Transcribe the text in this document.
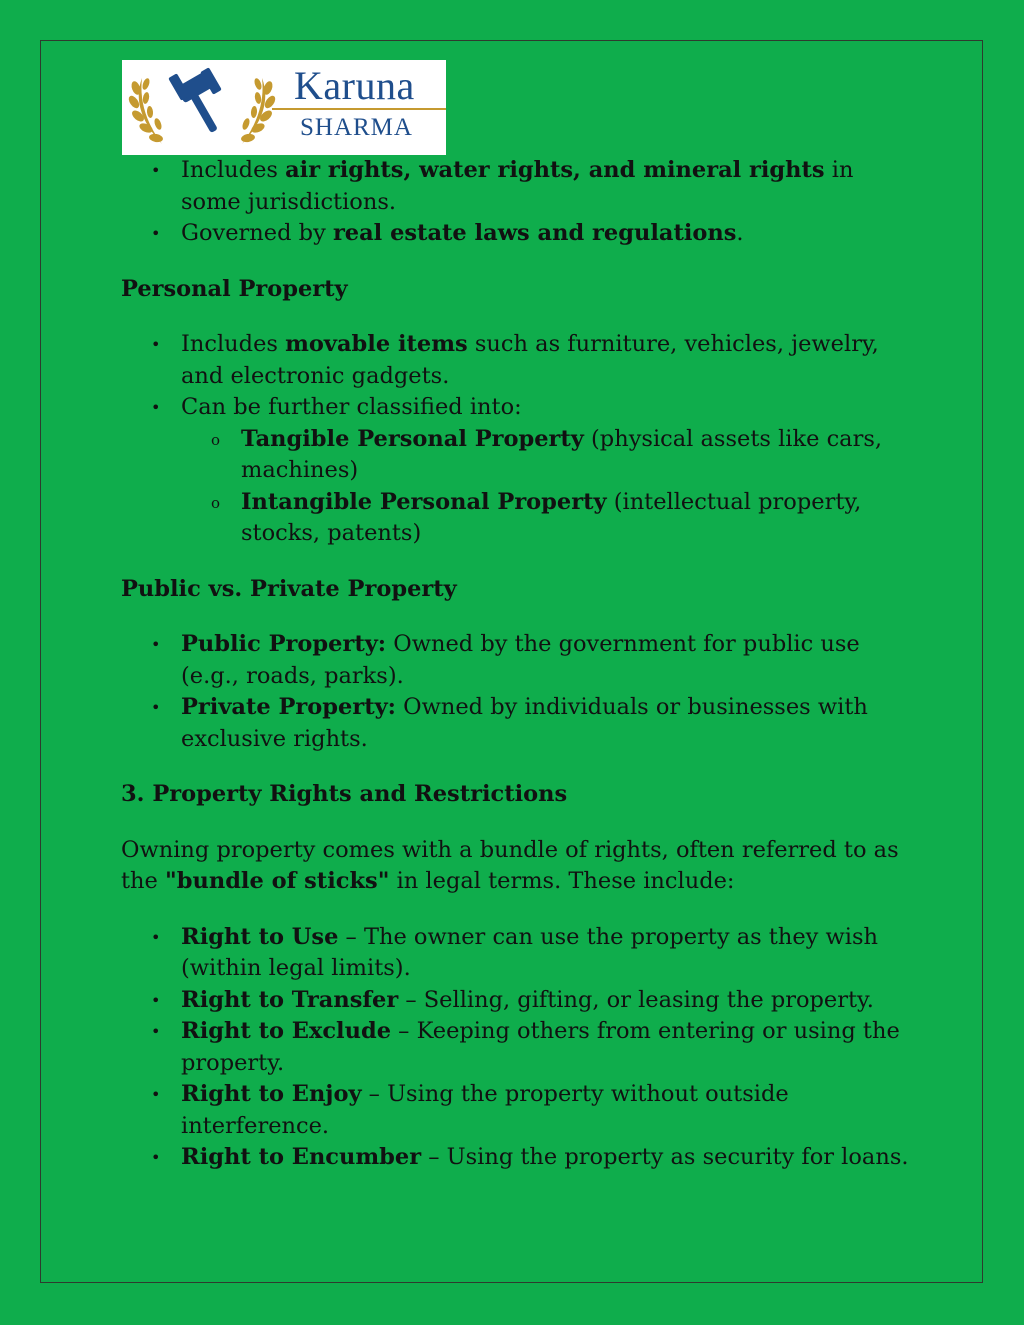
Karuna
SHARMA
• Includes air rights, water rights, and mineral rights in some jurisdictions.
• Governed by real estate laws and regulations.
Personal Property
• Includes movable items such as furniture, vehicles, jewelry, and electronic gadgets.
• Can be further classified into:
o Tangible Personal Property (physical assets like cars, machines)
o Intangible Personal Property (intellectual property, stocks, patents)
Public vs. Private Property
• Public Property: Owned by the government for public use (e.g., roads, parks).
• Private Property: Owned by individuals or businesses with exclusive rights.
3. Property Rights and Restrictions

Owning property comes with a bundle of rights, often referred to as the "bundle of sticks" in legal terms. These include:

• Right to Use – The owner can use the property as they wish (within legal limits).
• Right to Transfer – Selling, gifting, or leasing the property.
• Right to Exclude – Keeping others from entering or using the property.
• Right to Enjoy – Using the property without outside interference.
• Right to Encumber – Using the property as security for loans.
